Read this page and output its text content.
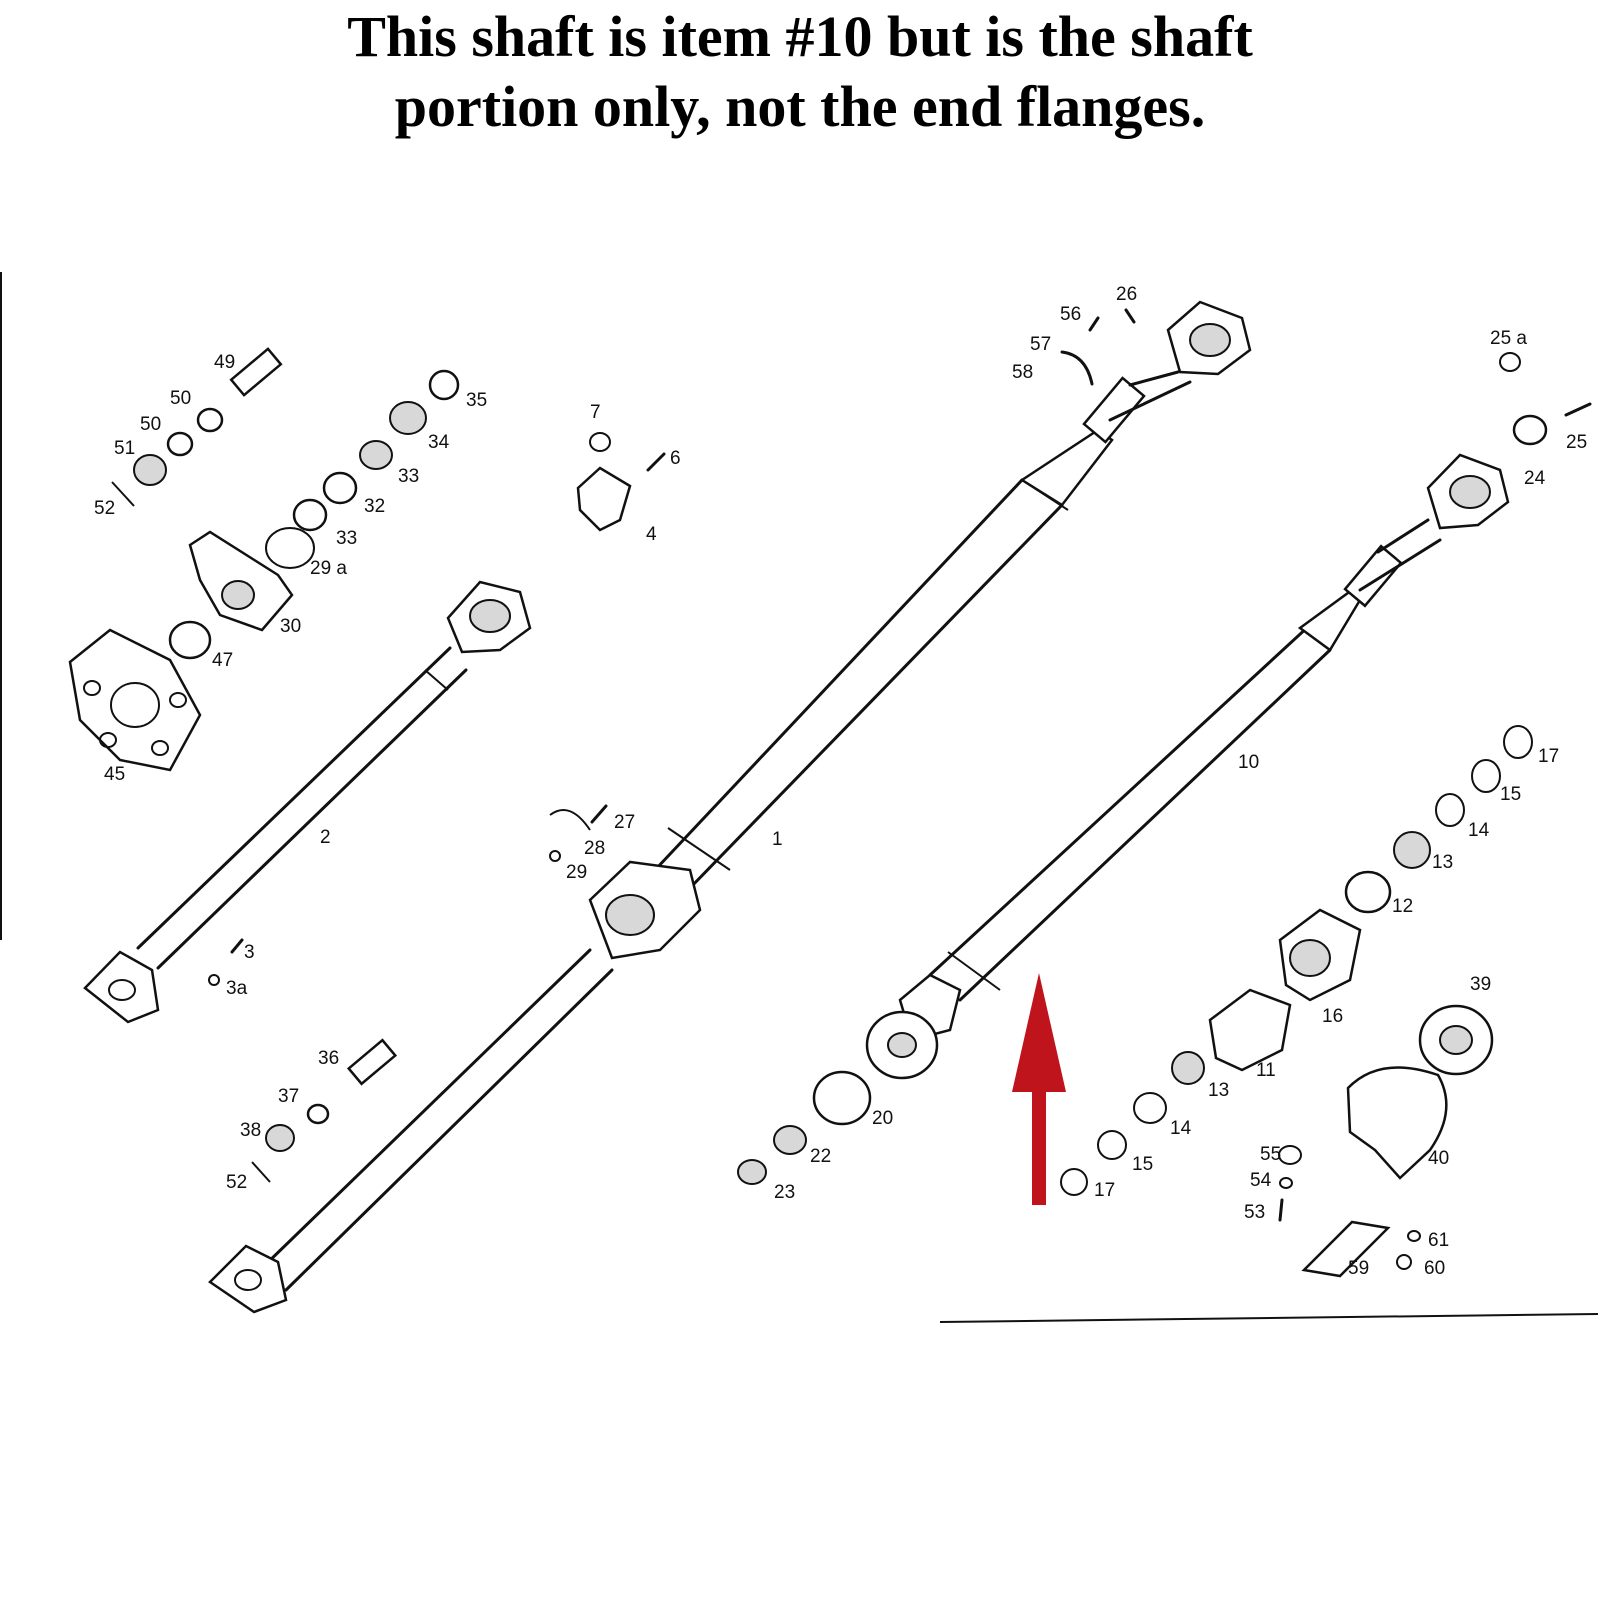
This shaft is item #10 but is the shaft
portion only, not the end flanges.
1
2
3
3a
4
6
7
10
11
12
13
13
14
14
15
15
16
17
17
20
22
23
24
25
25 a
26
27
28
29
29 a
30
32
33
33
34
35
36
37
38
39
40
45
47
49
50
50
51
52
52
53
54
55
56
57
58
59	60
61
